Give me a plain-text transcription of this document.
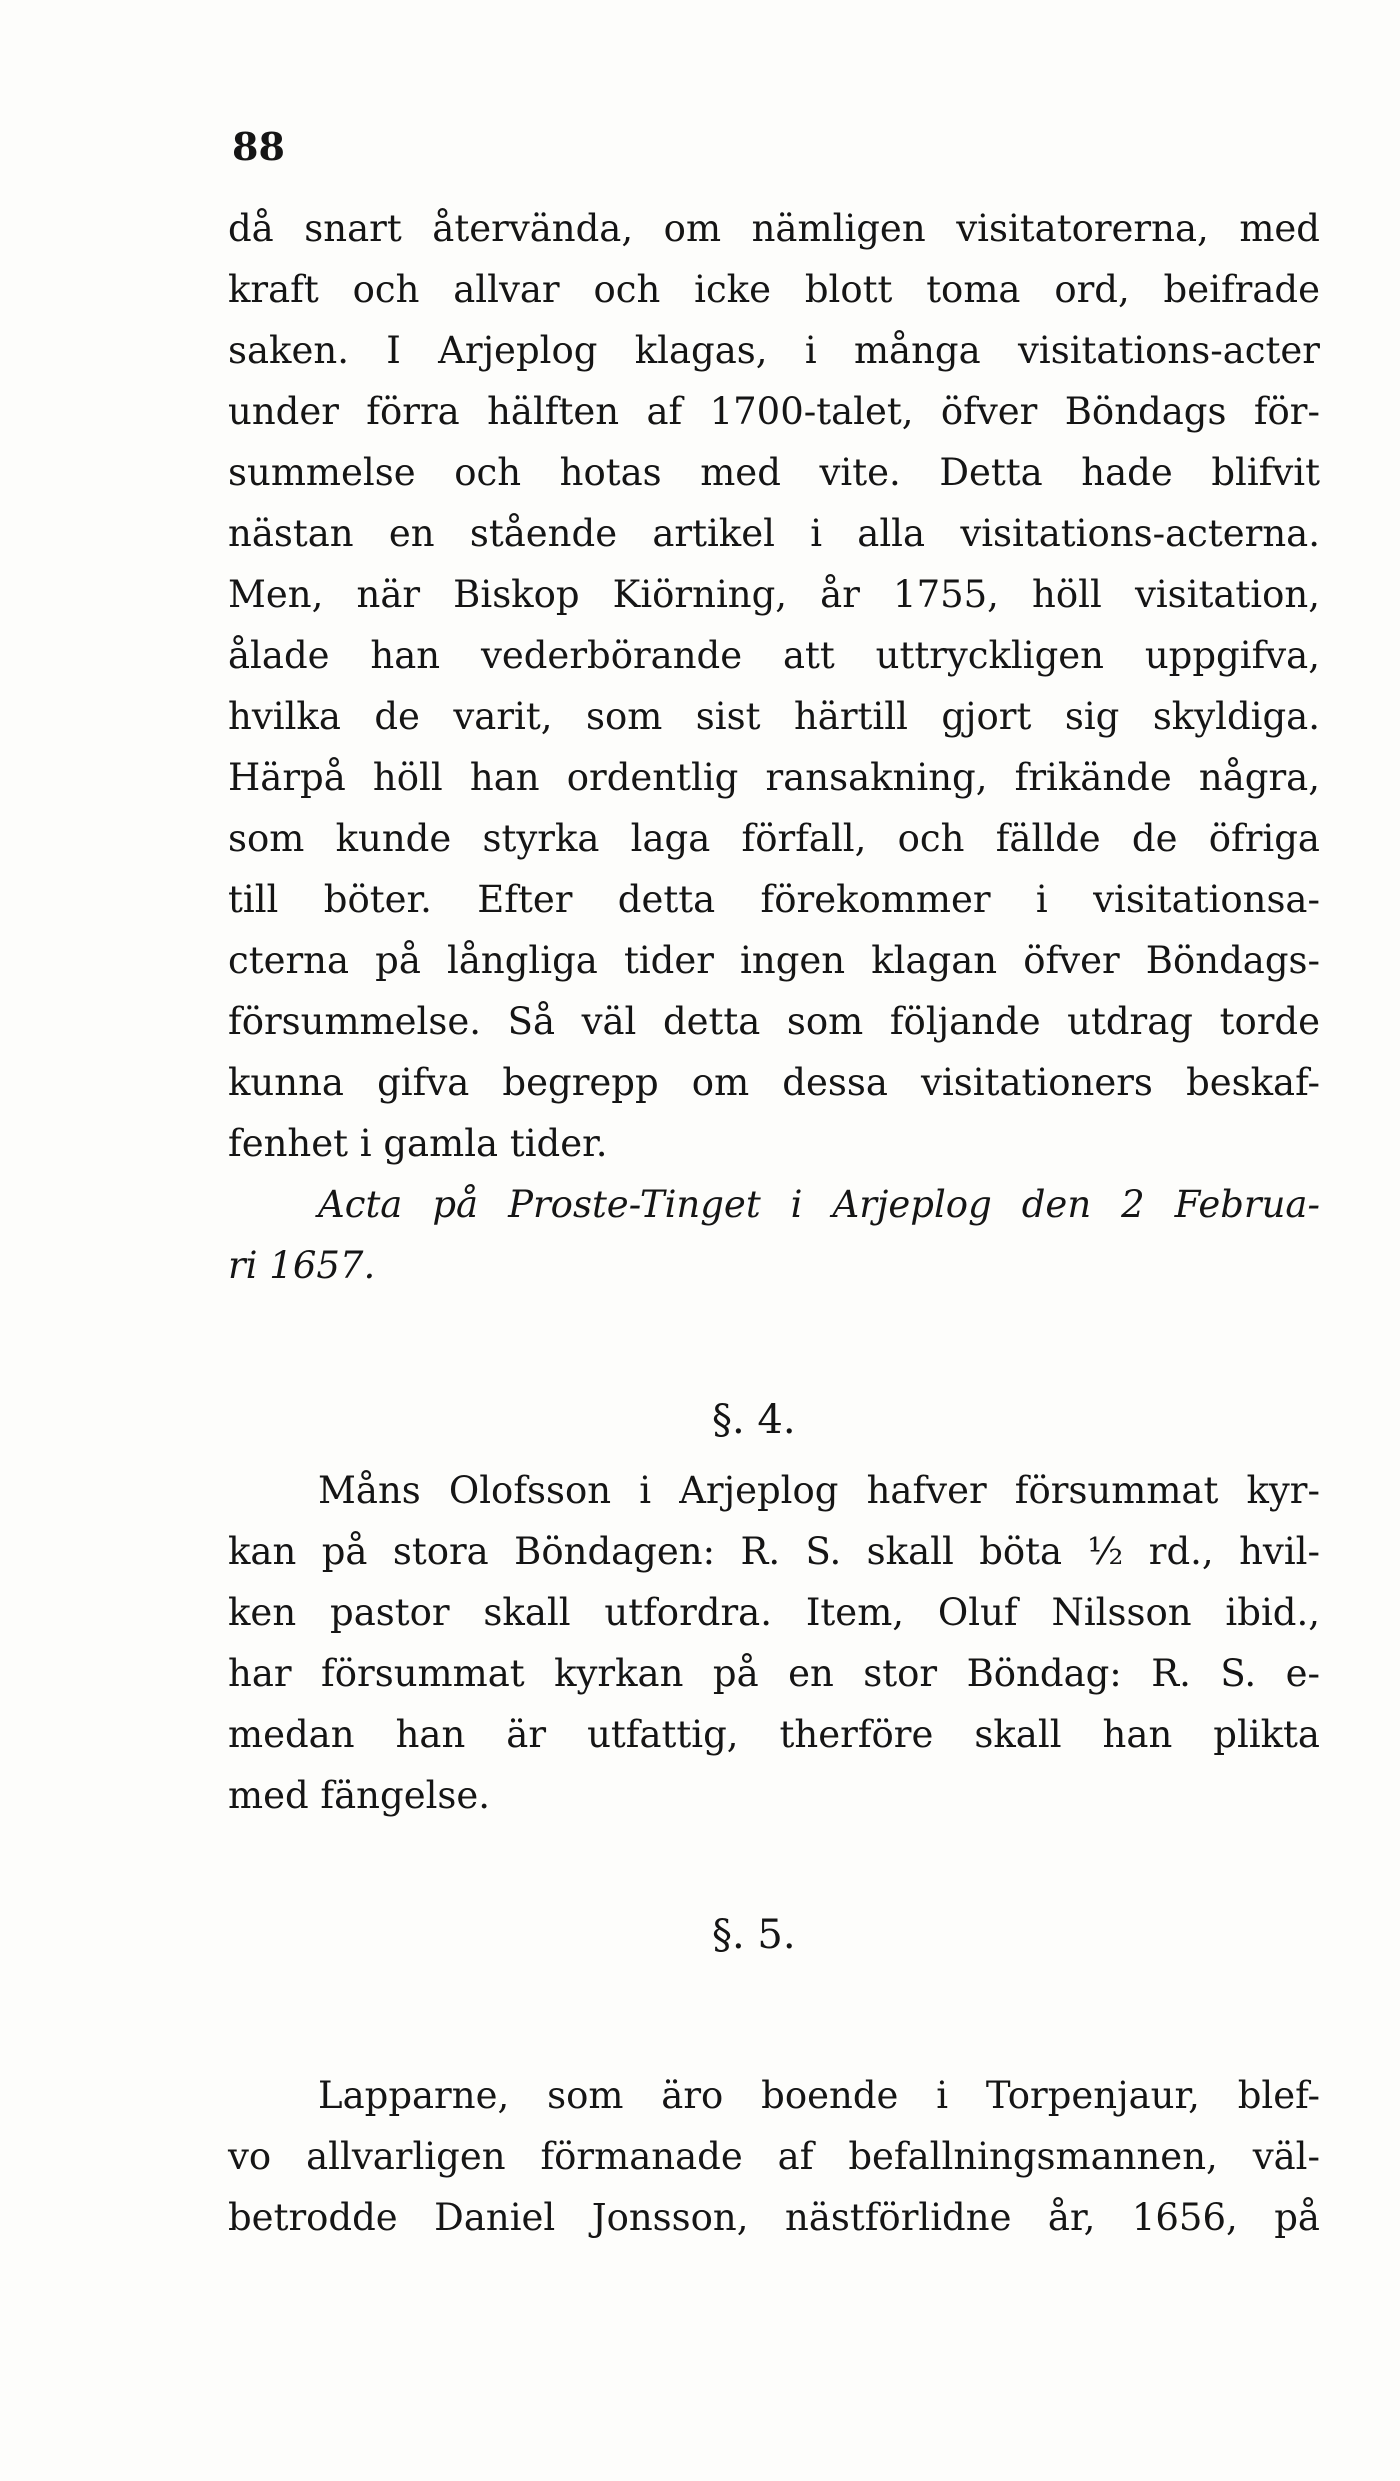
88
då snart återvända, om nämligen visitatorerna, med
kraft och allvar och icke blott toma ord, beifrade
saken. I Arjeplog klagas, i många visitations-acter
under förra hälften af 1700-talet, öfver Böndags för-
summelse och hotas med vite. Detta hade blifvit
nästan en stående artikel i alla visitations-acterna.
Men, när Biskop Kiörning, år 1755, höll visitation,
ålade han vederbörande att uttryckligen uppgifva,
hvilka de varit, som sist härtill gjort sig skyldiga.
Härpå höll han ordentlig ransakning, frikände några,
som kunde styrka laga förfall, och fällde de öfriga
till böter. Efter detta förekommer i visitationsa-
cterna på långliga tider ingen klagan öfver Böndags-
försummelse. Så väl detta som följande utdrag torde
kunna gifva begrepp om dessa visitationers beskaf-
fenhet i gamla tider.
Acta på Proste-Tinget i Arjeplog den 2 Februa-
ri 1657.
§. 4.
Måns Olofsson i Arjeplog hafver försummat kyr-
kan på stora Böndagen: R. S. skall böta ½ rd., hvil-
ken pastor skall utfordra. Item, Oluf Nilsson ibid.,
har försummat kyrkan på en stor Böndag: R. S. e-
medan han är utfattig, therföre skall han plikta
med fängelse.
§. 5.
Lapparne, som äro boende i Torpenjaur, blef-
vo allvarligen förmanade af befallningsmannen, väl-
betrodde Daniel Jonsson, nästförlidne år, 1656, på
